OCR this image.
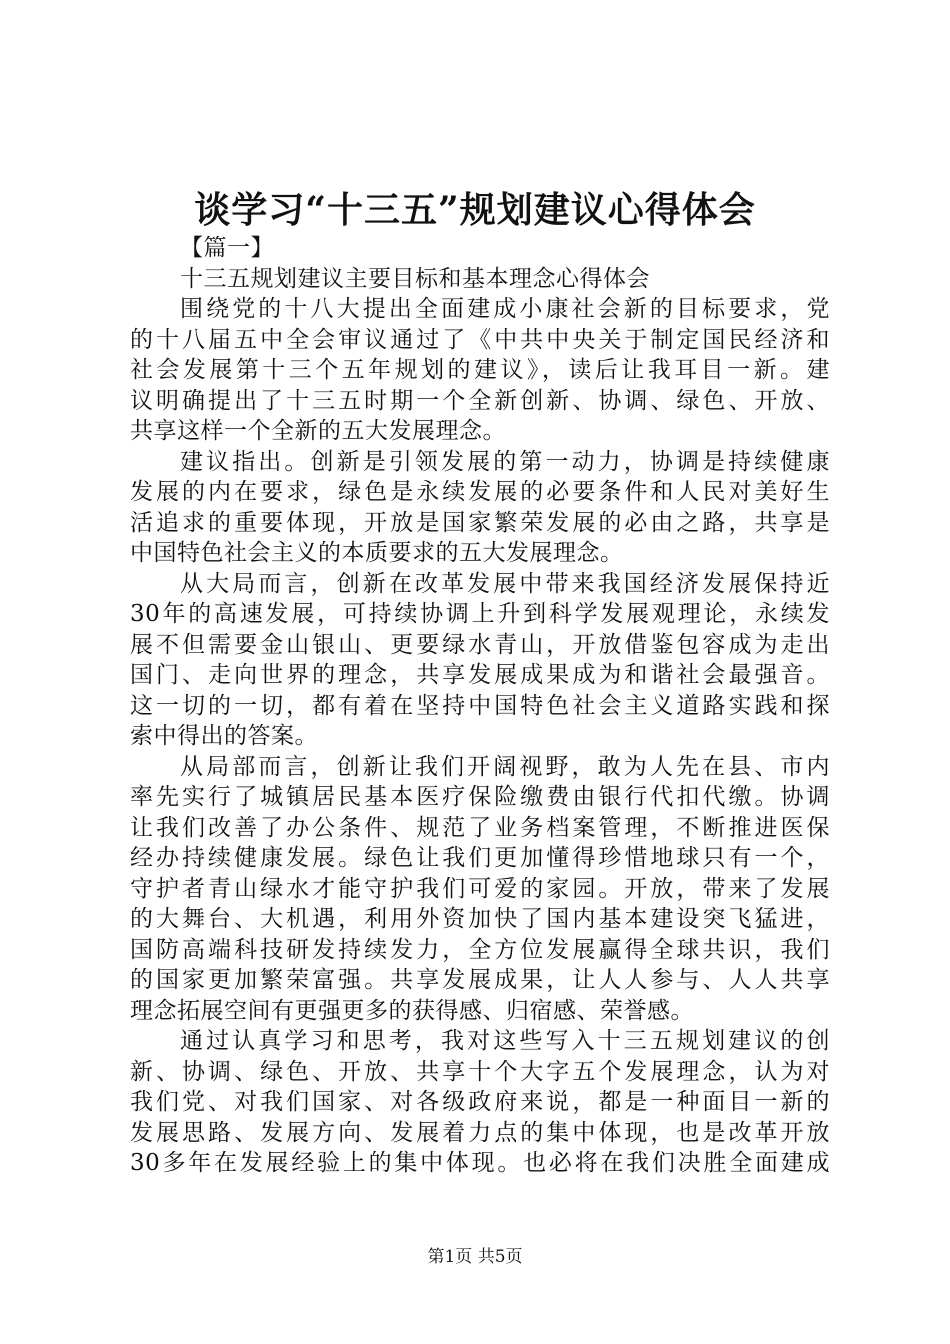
谈学习“十三五”规划建议心得体会
【篇一】
十三五规划建议主要目标和基本理念心得体会
围绕党的十八大提出全面建成小康社会新的目标要求，党
的十八届五中全会审议通过了《中共中央关于制定国民经济和
社会发展第十三个五年规划的建议》，读后让我耳目一新。建
议明确提出了十三五时期一个全新创新、协调、绿色、开放、
共享这样一个全新的五大发展理念。
建议指出。创新是引领发展的第一动力，协调是持续健康
发展的内在要求，绿色是永续发展的必要条件和人民对美好生
活追求的重要体现，开放是国家繁荣发展的必由之路，共享是
中国特色社会主义的本质要求的五大发展理念。
从大局而言，创新在改革发展中带来我国经济发展保持近
30年的高速发展，可持续协调上升到科学发展观理论，永续发
展不但需要金山银山、更要绿水青山，开放借鉴包容成为走出
国门、走向世界的理念，共享发展成果成为和谐社会最强音。
这一切的一切，都有着在坚持中国特色社会主义道路实践和探
索中得出的答案。
从局部而言，创新让我们开阔视野，敢为人先在县、市内
率先实行了城镇居民基本医疗保险缴费由银行代扣代缴。协调
让我们改善了办公条件、规范了业务档案管理，不断推进医保
经办持续健康发展。绿色让我们更加懂得珍惜地球只有一个，
守护者青山绿水才能守护我们可爱的家园。开放，带来了发展
的大舞台、大机遇，利用外资加快了国内基本建设突飞猛进，
国防高端科技研发持续发力，全方位发展赢得全球共识，我们
的国家更加繁荣富强。共享发展成果，让人人参与、人人共享
理念拓展空间有更强更多的获得感、归宿感、荣誉感。
通过认真学习和思考，我对这些写入十三五规划建议的创
新、协调、绿色、开放、共享十个大字五个发展理念，认为对
我们党、对我们国家、对各级政府来说，都是一种面目一新的
发展思路、发展方向、发展着力点的集中体现，也是改革开放
30多年在发展经验上的集中体现。也必将在我们决胜全面建成
第1页 共5页
